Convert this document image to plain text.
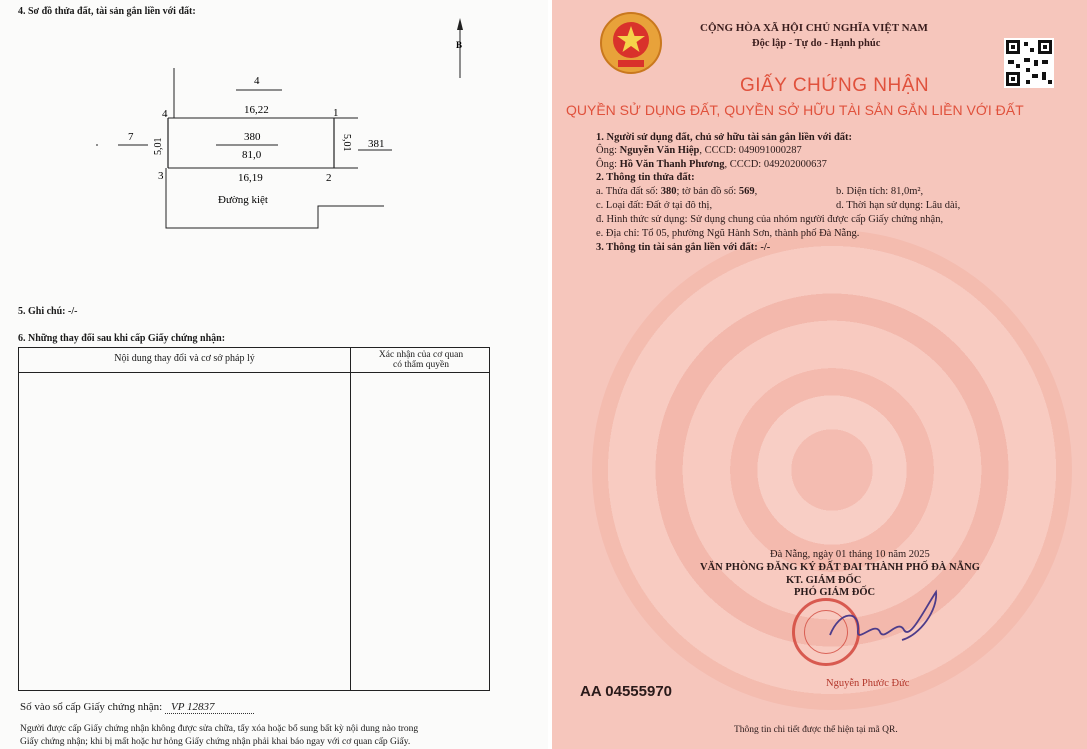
4. Sơ đồ thửa đất, tài sản gắn liền với đất:
4
16,22
4	1
7	380
81,0
381
5,01	5,01
3	2
16,19
Đường kiệt
B
5. Ghi chú: -/-
6. Những thay đổi sau khi cấp Giấy chứng nhận:
Nội dung thay đổi và cơ sở pháp lý	Xác nhận của cơ quan
có thẩm quyền
Số vào sổ cấp Giấy chứng nhận: VP 12837
Người được cấp Giấy chứng nhận không được sửa chữa, tẩy xóa hoặc bổ sung bất kỳ nội dung nào trong
Giấy chứng nhận; khi bị mất hoặc hư hỏng Giấy chứng nhận phải khai báo ngay với cơ quan cấp Giấy.
CỘNG HÒA XÃ HỘI CHỦ NGHĨA VIỆT NAM
Độc lập - Tự do - Hạnh phúc
GIẤY CHỨNG NHẬN
QUYỀN SỬ DỤNG ĐẤT, QUYỀN SỞ HỮU TÀI SẢN GẮN LIỀN VỚI ĐẤT
1. Người sử dụng đất, chủ sở hữu tài sản gắn liền với đất:
Ông: Nguyễn Văn Hiệp, CCCD: 049091000287
Ông: Hồ Văn Thanh Phương, CCCD: 049202000637
2. Thông tin thửa đất:
a. Thửa đất số: 380; tờ bản đồ số: 569,	b. Diện tích: 81,0m²,
c. Loại đất: Đất ở tại đô thị,	d. Thời hạn sử dụng: Lâu dài,
đ. Hình thức sử dụng: Sử dụng chung của nhóm người được cấp Giấy chứng nhận,
e. Địa chỉ: Tổ 05, phường Ngũ Hành Sơn, thành phố Đà Nẵng.
3. Thông tin tài sản gắn liền với đất: -/-
Đà Nẵng, ngày 01 tháng 10 năm 2025
VĂN PHÒNG ĐĂNG KÝ ĐẤT ĐAI THÀNH PHỐ ĐÀ NẴNG
KT. GIÁM ĐỐC
PHÓ GIÁM ĐỐC
AA 04555970	Nguyễn Phước Đức
Thông tin chi tiết được thể hiện tại mã QR.
